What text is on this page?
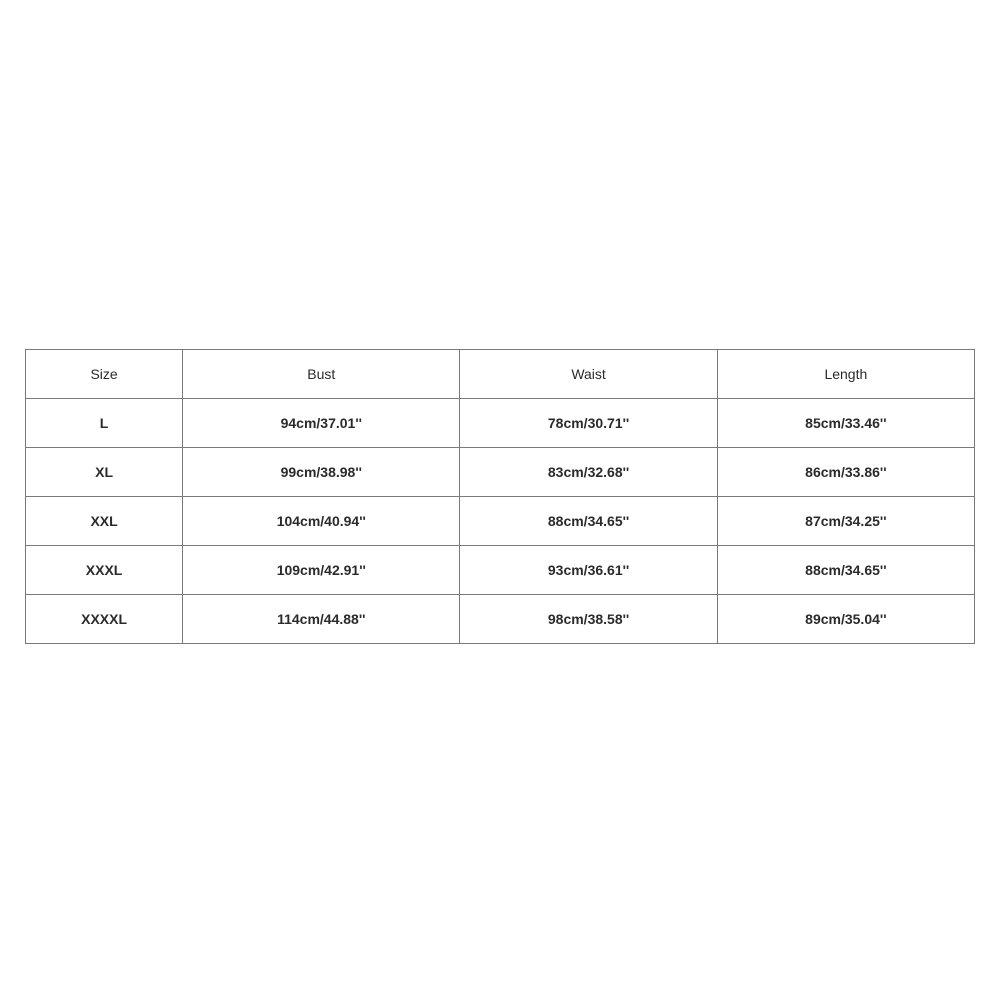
Size	Bust	Waist	Length
L	94cm/37.01''	78cm/30.71''	85cm/33.46''
XL	99cm/38.98''	83cm/32.68''	86cm/33.86''
XXL	104cm/40.94''	88cm/34.65''	87cm/34.25''
XXXL	109cm/42.91''	93cm/36.61''	88cm/34.65''
XXXXL	114cm/44.88''	98cm/38.58''	89cm/35.04''
